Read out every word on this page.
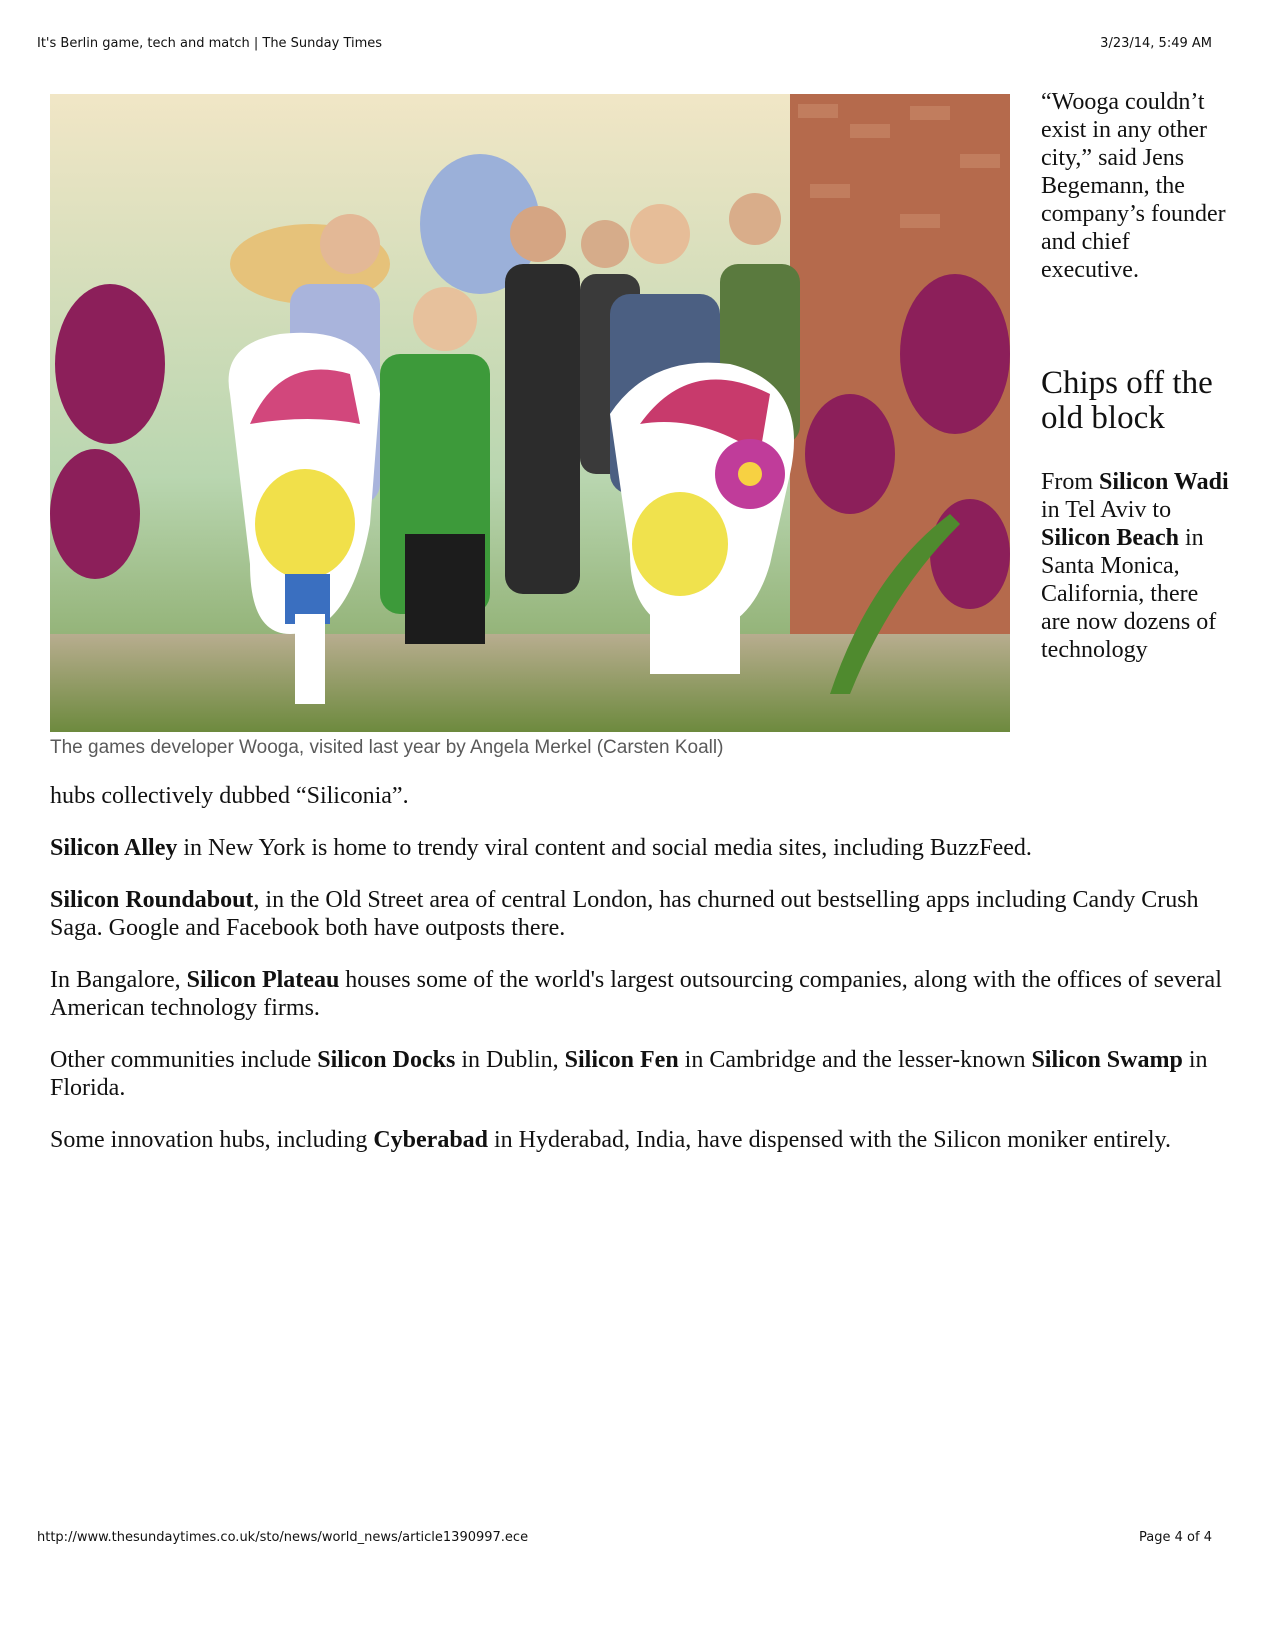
It's Berlin game, tech and match | The Sunday Times	3/23/14, 5:49 AM
The games developer Wooga, visited last year by Angela Merkel (Carsten Koall)

“Wooga couldn’t exist in any other city,” said Jens Begemann, the company’s founder and chief executive.

Chips off the old block

From Silicon Wadi in Tel Aviv to Silicon Beach in Santa Monica, California, there are now dozens of technology

hubs collectively dubbed “Siliconia”.

Silicon Alley in New York is home to trendy viral content and social media sites, including BuzzFeed.

Silicon Roundabout, in the Old Street area of central London, has churned out bestselling apps including Candy Crush Saga. Google and Facebook both have outposts there.

In Bangalore, Silicon Plateau houses some of the world's largest outsourcing companies, along with the offices of several American technology firms.

Other communities include Silicon Docks in Dublin, Silicon Fen in Cambridge and the lesser-known Silicon Swamp in Florida.

Some innovation hubs, including Cyberabad in Hyderabad, India, have dispensed with the Silicon moniker entirely.

http://www.thesundaytimes.co.uk/sto/news/world_news/article1390997.ece	Page 4 of 4
